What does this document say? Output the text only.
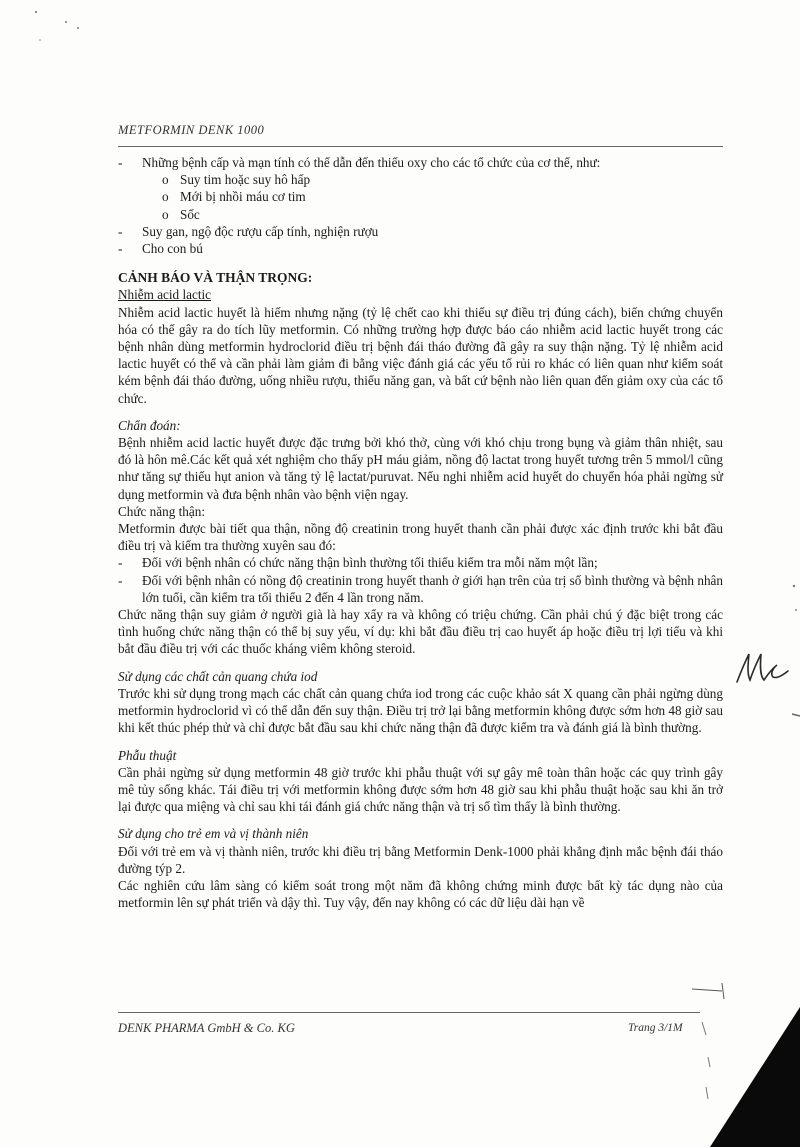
METFORMIN DENK 1000

- Những bệnh cấp và mạn tính có thể dẫn đến thiếu oxy cho các tổ chức của cơ thể, như:

o Suy tim hoặc suy hô hấp

o Mới bị nhồi máu cơ tim

o Sốc

- Suy gan, ngộ độc rượu cấp tính, nghiện rượu

- Cho con bú

CẢNH BÁO VÀ THẬN TRỌNG:

Nhiễm acid lactic

Nhiễm acid lactic huyết là hiếm nhưng nặng (tỷ lệ chết cao khi thiếu sự điều trị đúng cách), biến chứng chuyển hóa có thể gây ra do tích lũy metformin. Có những trường hợp được báo cáo nhiễm acid lactic huyết trong các bệnh nhân dùng metformin hydroclorid điều trị bệnh đái tháo đường đã gây ra suy thận nặng. Tỷ lệ nhiễm acid lactic huyết có thể và cần phải làm giảm đi bằng việc đánh giá các yếu tố rủi ro khác có liên quan như kiểm soát kém bệnh đái tháo đường, uống nhiều rượu, thiểu năng gan, và bất cứ bệnh nào liên quan đến giảm oxy của các tổ chức.

Chẩn đoán:

Bệnh nhiễm acid lactic huyết được đặc trưng bởi khó thở, cùng với khó chịu trong bụng và giảm thân nhiệt, sau đó là hôn mê.Các kết quả xét nghiệm cho thấy pH máu giảm, nồng độ lactat trong huyết tương trên 5 mmol/l cũng như tăng sự thiếu hụt anion và tăng tỷ lệ lactat/puruvat. Nếu nghi nhiễm acid huyết do chuyển hóa phải ngừng sử dụng metformin và đưa bệnh nhân vào bệnh viện ngay.

Chức năng thận:

Metformin được bài tiết qua thận, nồng độ creatinin trong huyết thanh cần phải được xác định trước khi bắt đầu điều trị và kiểm tra thường xuyên sau đó:

- Đối với bệnh nhân có chức năng thận bình thường tối thiểu kiểm tra mỗi năm một lần;

- Đối với bệnh nhân có nồng độ creatinin trong huyết thanh ở giới hạn trên của trị số bình thường và bệnh nhân lớn tuổi, cần kiểm tra tối thiểu 2 đến 4 lần trong năm.

Chức năng thận suy giảm ở người già là hay xẩy ra và không có triệu chứng. Cần phải chú ý đặc biệt trong các tình huống chức năng thận có thể bị suy yếu, ví dụ: khi bắt đầu điều trị cao huyết áp hoặc điều trị lợi tiểu và khi bắt đầu điều trị với các thuốc kháng viêm không steroid.

Sử dụng các chất cản quang chứa iod

Trước khi sử dụng trong mạch các chất cản quang chứa iod trong các cuộc khảo sát X quang cần phải ngừng dùng metformin hydroclorid vì có thể dẫn đến suy thận. Điều trị trở lại bằng metformin không được sớm hơn 48 giờ sau khi kết thúc phép thử và chỉ được bắt đầu sau khi chức năng thận đã được kiểm tra và đánh giá là bình thường.

Phẫu thuật

Cần phải ngừng sử dụng metformin 48 giờ trước khi phẫu thuật với sự gây mê toàn thân hoặc các quy trình gây mê tủy sống khác. Tái điều trị với metformin không được sớm hơn 48 giờ sau khi phẫu thuật hoặc sau khi ăn trở lại được qua miệng và chỉ sau khi tái đánh giá chức năng thận và trị số tìm thấy là bình thường.

Sử dụng cho trẻ em và vị thành niên

Đối với trẻ em và vị thành niên, trước khi điều trị bằng Metformin Denk-1000 phải khẳng định mắc bệnh đái tháo đường týp 2.

Các nghiên cứu lâm sàng có kiểm soát trong một năm đã không chứng minh được bất kỳ tác dụng nào của metformin lên sự phát triển và dậy thì. Tuy vậy, đến nay không có các dữ liệu dài hạn về

DENK PHARMA GmbH & Co. KG	Trang 3/1M
